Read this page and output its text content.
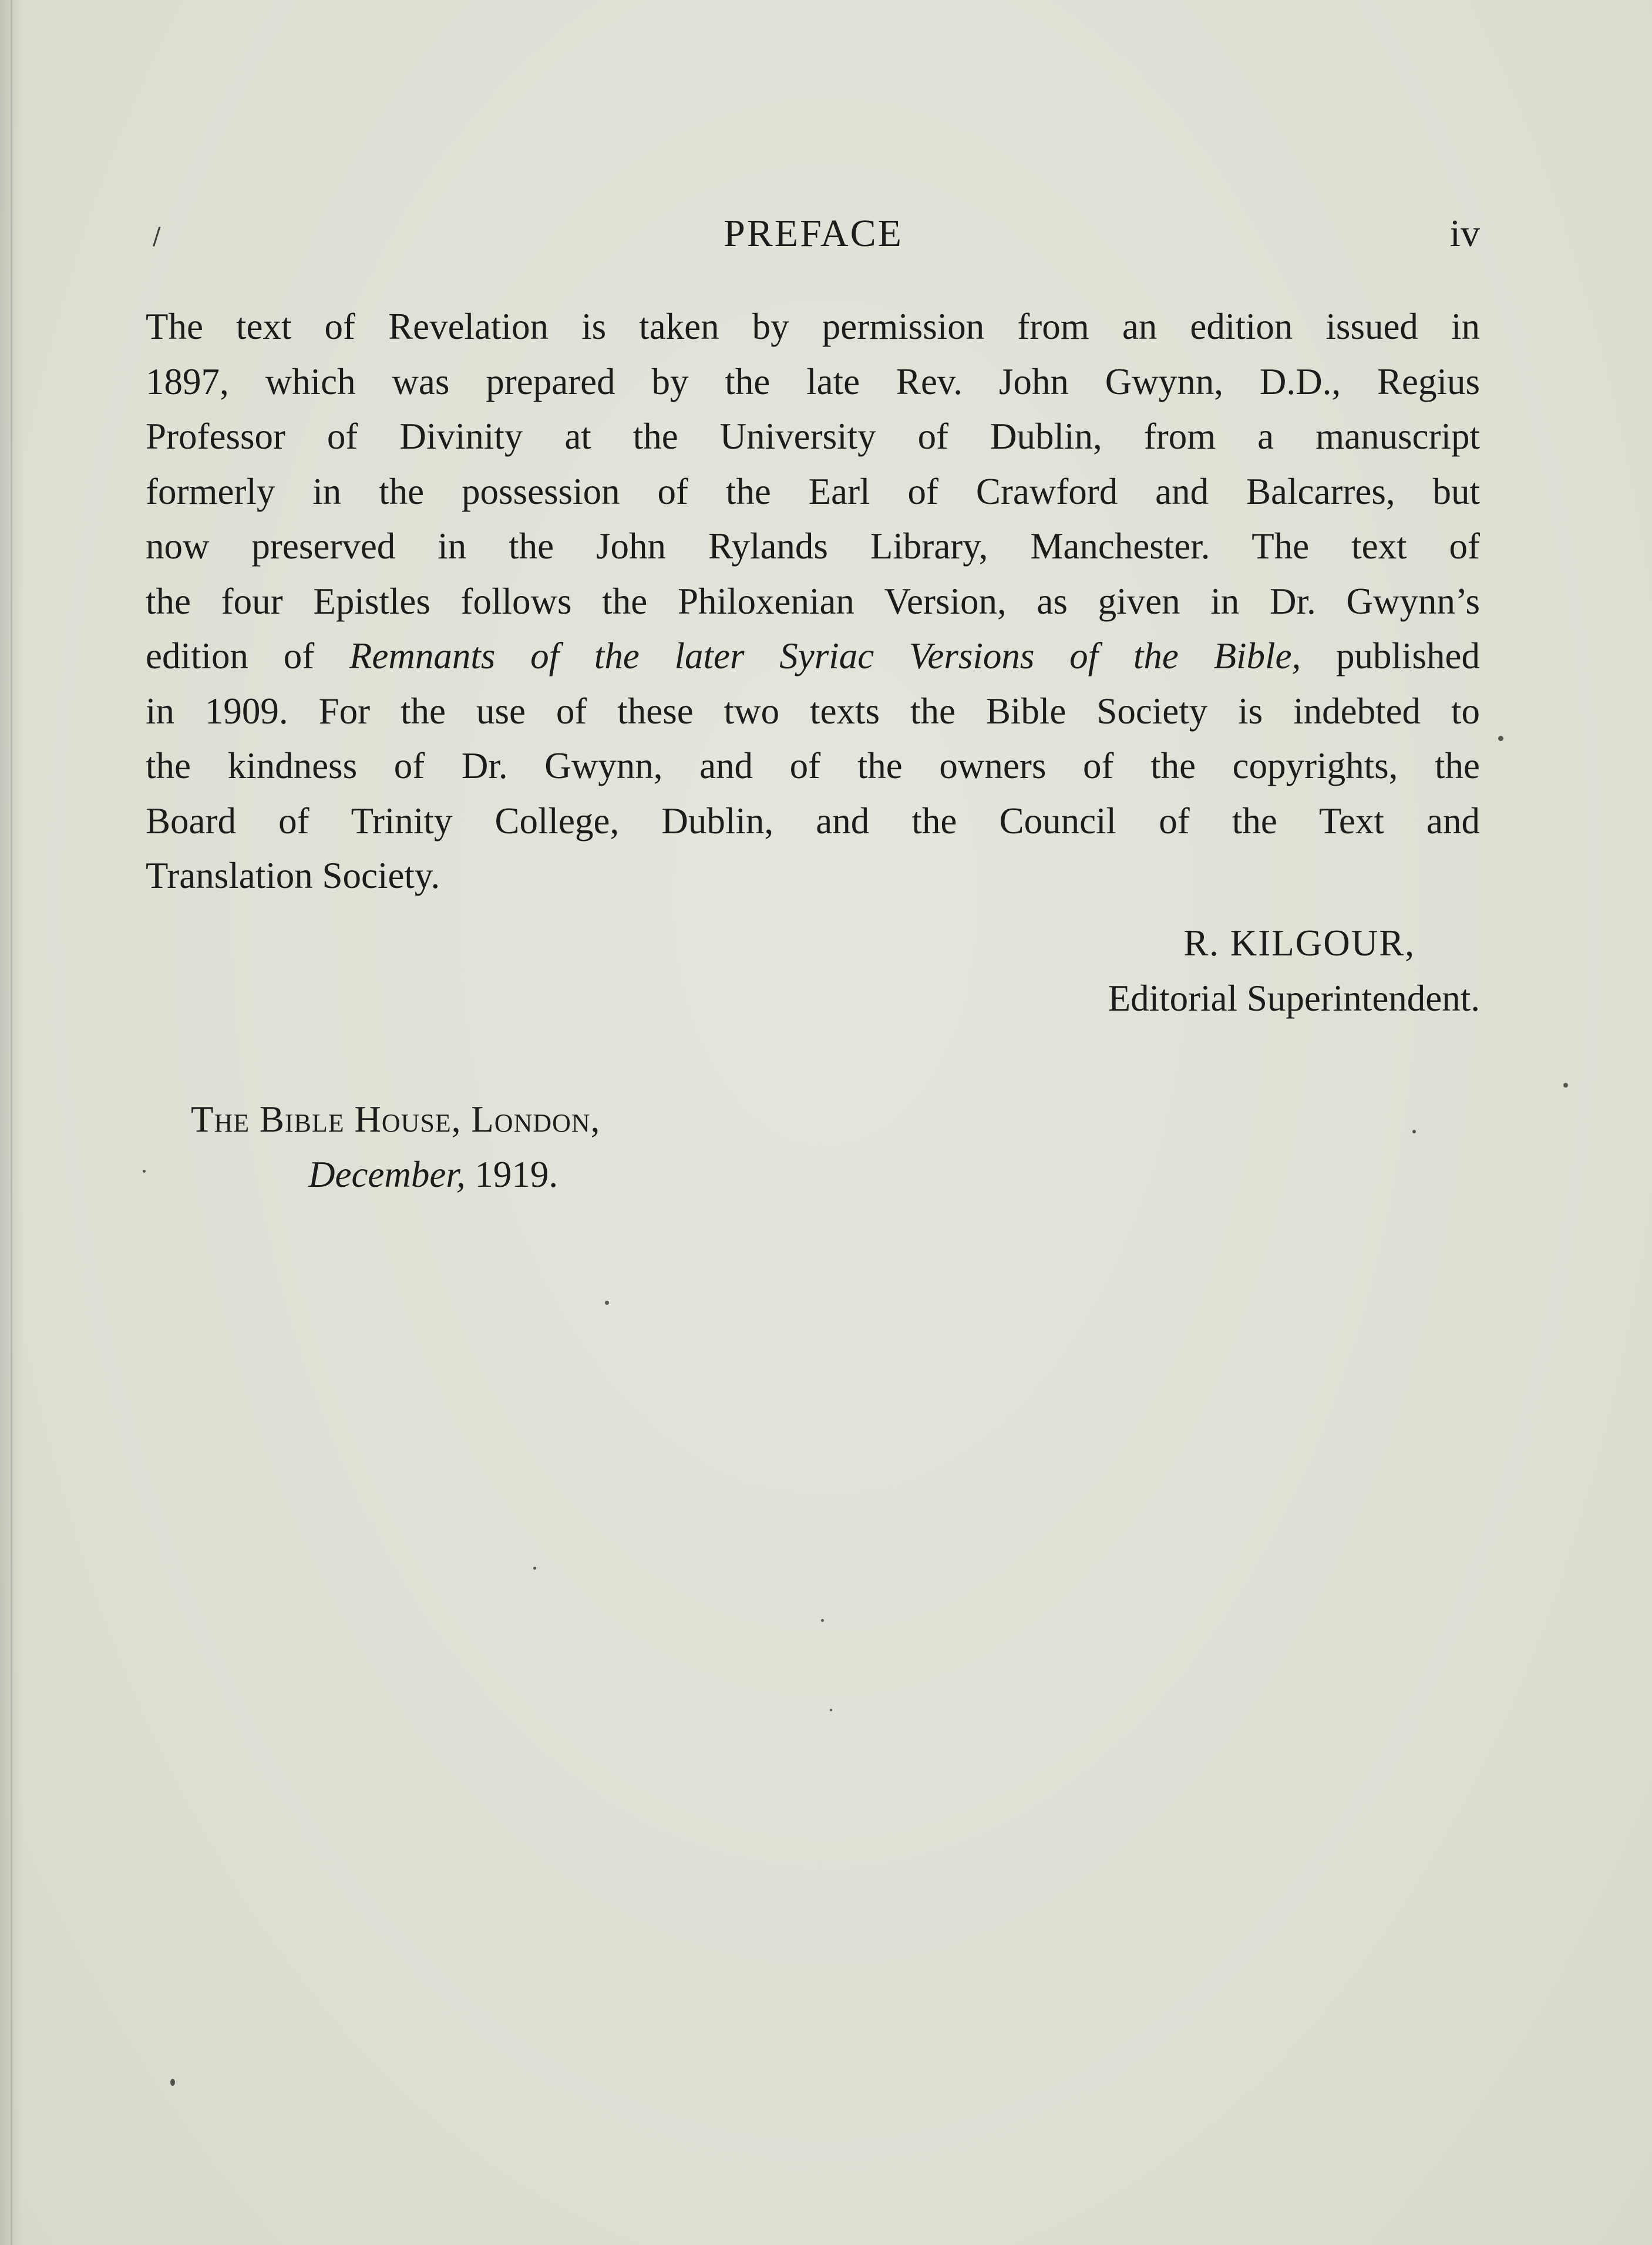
/	PREFACE	iv
The text of Revelation is taken by permission from an edition issued in
1897, which was prepared by the late Rev. John Gwynn, D.D., Regius
Professor of Divinity at the University of Dublin, from a manuscript
formerly in the possession of the Earl of Crawford and Balcarres, but
now preserved in the John Rylands Library, Manchester. The text of
the four Epistles follows the Philoxenian Version, as given in Dr. Gwynn’s
edition of Remnants of the later Syriac Versions of the Bible, published
in 1909. For the use of these two texts the Bible Society is indebted to
the kindness of Dr. Gwynn, and of the owners of the copyrights, the
Board of Trinity College, Dublin, and the Council of the Text and
Translation Society.
R. KILGOUR,
Editorial Superintendent.
The Bible House, London,
December, 1919.
